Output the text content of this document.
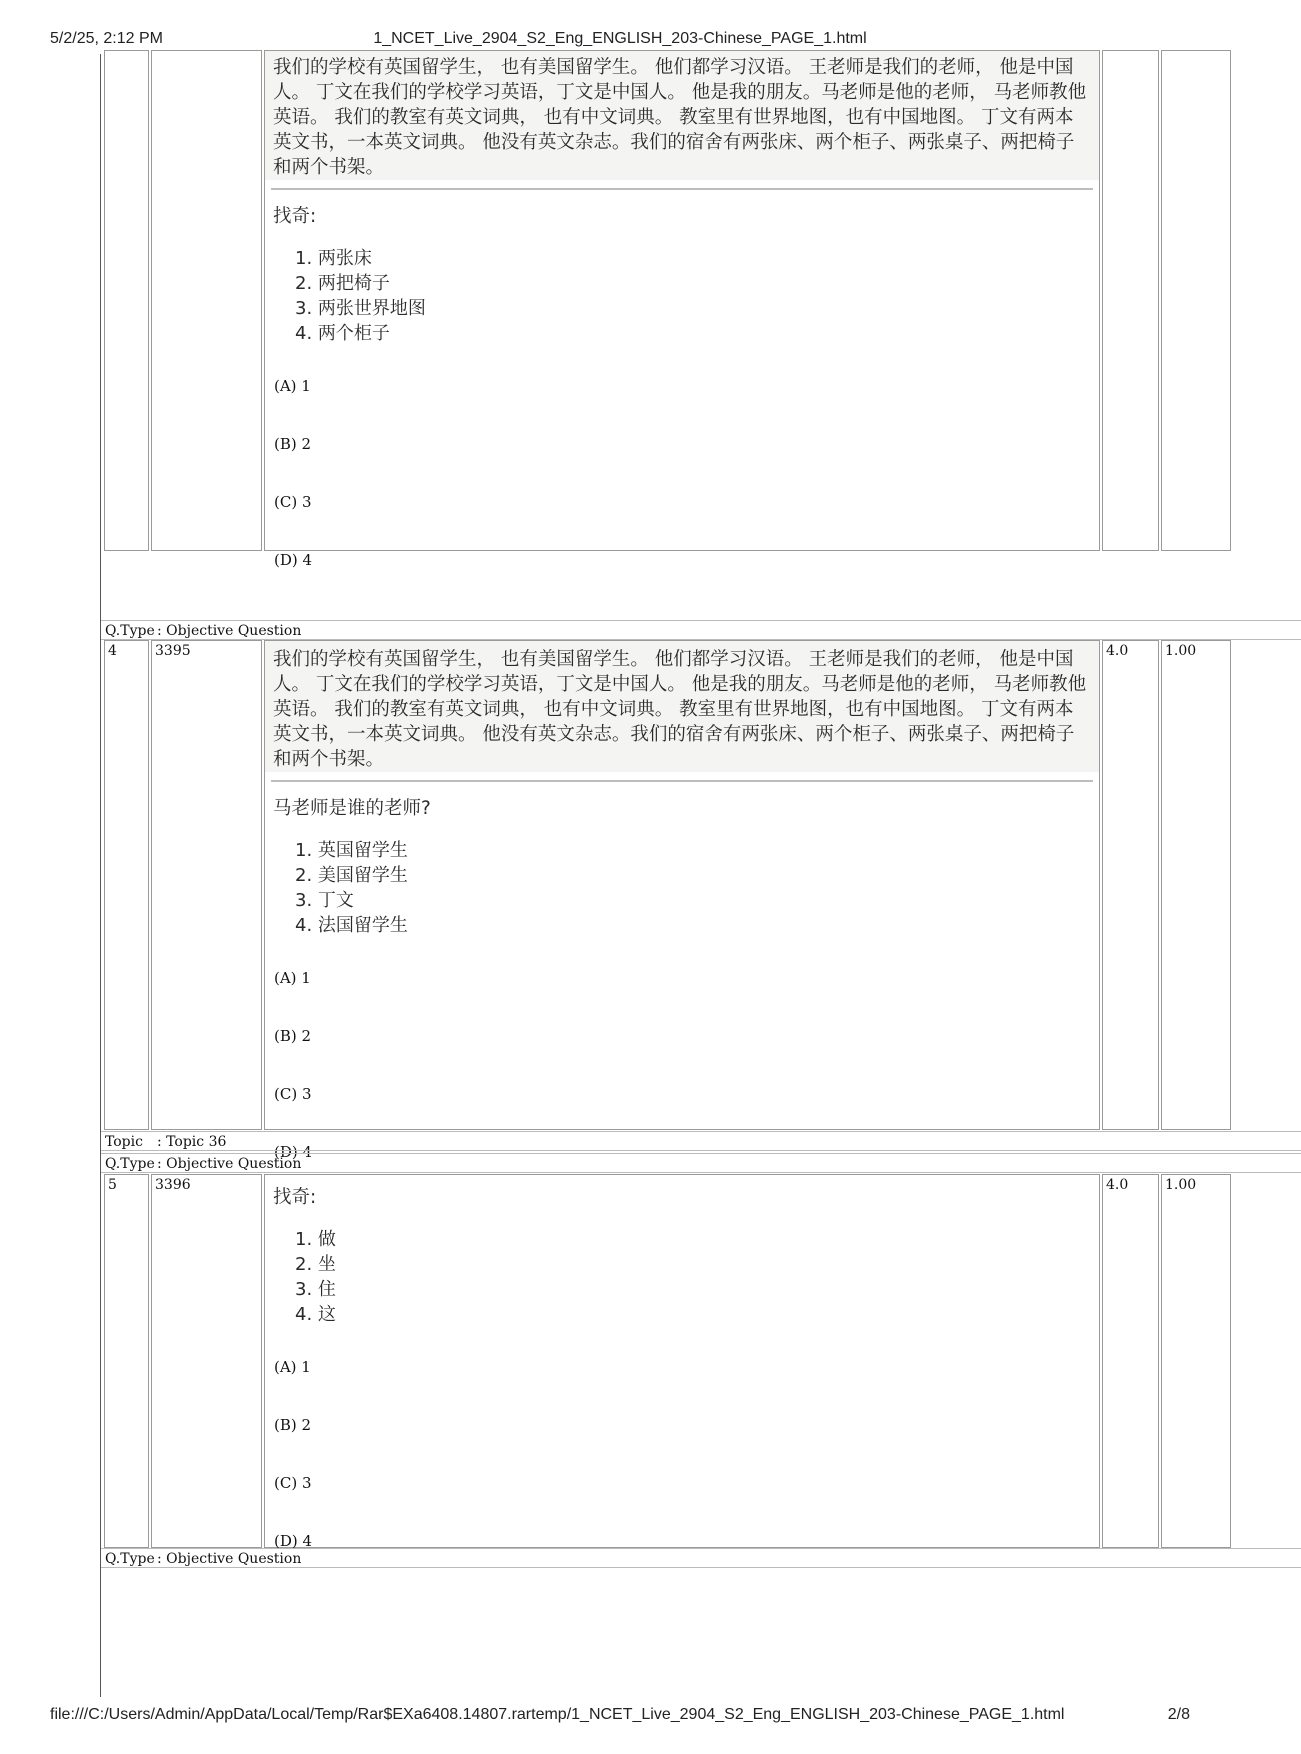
5/2/25, 2:12 PM	1_NCET_Live_2904_S2_Eng_ENGLISH_203-Chinese_PAGE_1.html
我们的学校有英国留学生， 也有美国留学生。 他们都学习汉语。 王老师是我们的老师， 他是中国人。 丁文在我们的学校学习英语，丁文是中国人。 他是我的朋友。马老师是他的老师， 马老师教他英语。 我们的教室有英文词典， 也有中文词典。 教室里有世界地图，也有中国地图。 丁文有两本英文书，一本英文词典。 他没有英文杂志。我们的宿舍有两张床、两个柜子、两张桌子、两把椅子和两个书架。
找奇:
1. 两张床
2. 两把椅子
3. 两张世界地图
4. 两个柜子
(A) 1
(B) 2
(C) 3
(D) 4
Q.Type : Objective Question
4	3395	我们的学校有英国留学生， 也有美国留学生。 他们都学习汉语。 王老师是我们的老师， 他是中国人。 丁文在我们的学校学习英语，丁文是中国人。 他是我的朋友。马老师是他的老师， 马老师教他英语。 我们的教室有英文词典， 也有中文词典。 教室里有世界地图，也有中国地图。 丁文有两本英文书，一本英文词典。 他没有英文杂志。我们的宿舍有两张床、两个柜子、两张桌子、两把椅子和两个书架。
马老师是谁的老师?
1. 英国留学生
2. 美国留学生
3. 丁文
4. 法国留学生
(A) 1
(B) 2
(C) 3
(D) 4
4.0	1.00
Topic : Topic 36
Q.Type : Objective Question
5	3396
找奇:
1. 做
2. 坐
3. 住
4. 这
(A) 1
(B) 2
(C) 3
(D) 4
4.0	1.00
Q.Type : Objective Question
file:///C:/Users/Admin/AppData/Local/Temp/Rar$EXa6408.14807.rartemp/1_NCET_Live_2904_S2_Eng_ENGLISH_203-Chinese_PAGE_1.html	2/8
